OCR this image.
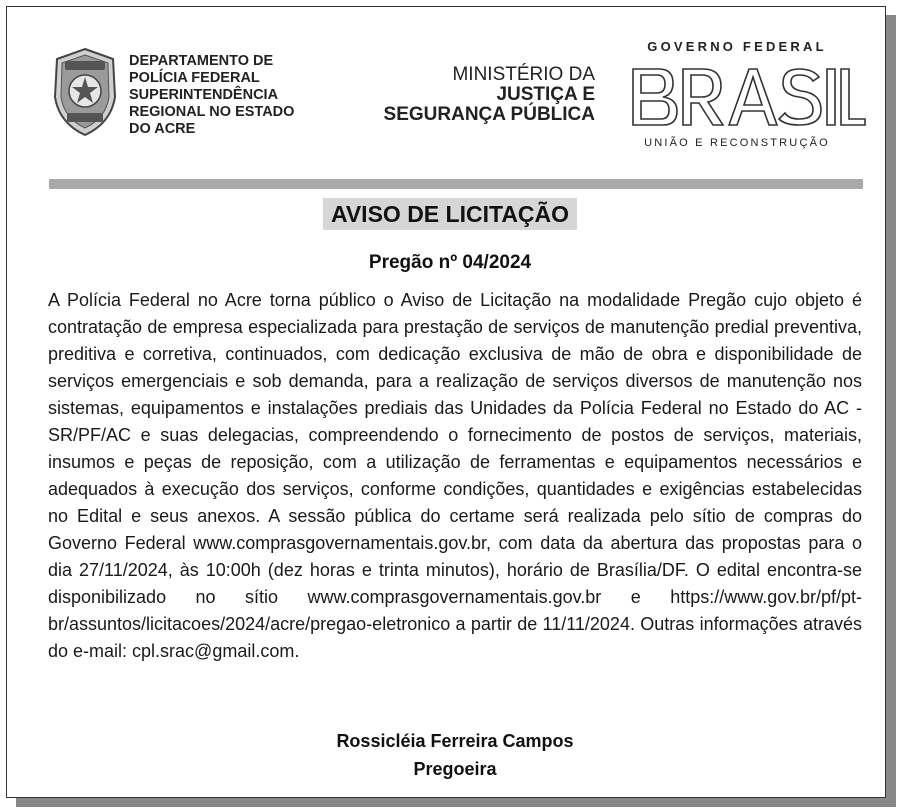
DEPARTAMENTO DE
POLÍCIA FEDERAL
SUPERINTENDÊNCIA
REGIONAL NO ESTADO
DO ACRE
MINISTÉRIO DA
JUSTIÇA E
SEGURANÇA PÚBLICA
GOVERNO FEDERAL
UNIÃO E RECONSTRUÇÃO
AVISO DE LICITAÇÃO
Pregão nº 04/2024
A Polícia Federal no Acre torna público o Aviso de Licitação na modalidade Pregão cujo objeto é contratação de empresa especializada para prestação de serviços de manutenção predial preventiva, preditiva e corretiva, continuados, com dedicação exclusiva de mão de obra e disponibilidade de serviços emergenciais e sob demanda, para a realização de serviços diversos de manutenção nos sistemas, equipamentos e instalações prediais das Unidades da Polícia Federal no Estado do AC - SR/PF/AC e suas delegacias, compreendendo o fornecimento de postos de serviços, materiais, insumos e peças de reposição, com a utilização de ferramentas e equipamentos necessários e adequados à execução dos serviços, conforme condições, quantidades e exigências estabelecidas no Edital e seus anexos. A sessão pública do certame será realizada pelo sítio de compras do Governo Federal www.comprasgovernamentais.gov.br, com data da abertura das propostas para o dia 27/11/2024, às 10:00h (dez horas e trinta minutos), horário de Brasília/DF. O edital encontra-se disponibilizado no sítio www.comprasgovernamentais.gov.br e https://www.gov.br/pf/pt-br/assuntos/licitacoes/2024/acre/pregao-eletronico a partir de 11/11/2024. Outras informações através do e-mail: cpl.srac@gmail.com.
Rossicléia Ferreira Campos
Pregoeira
